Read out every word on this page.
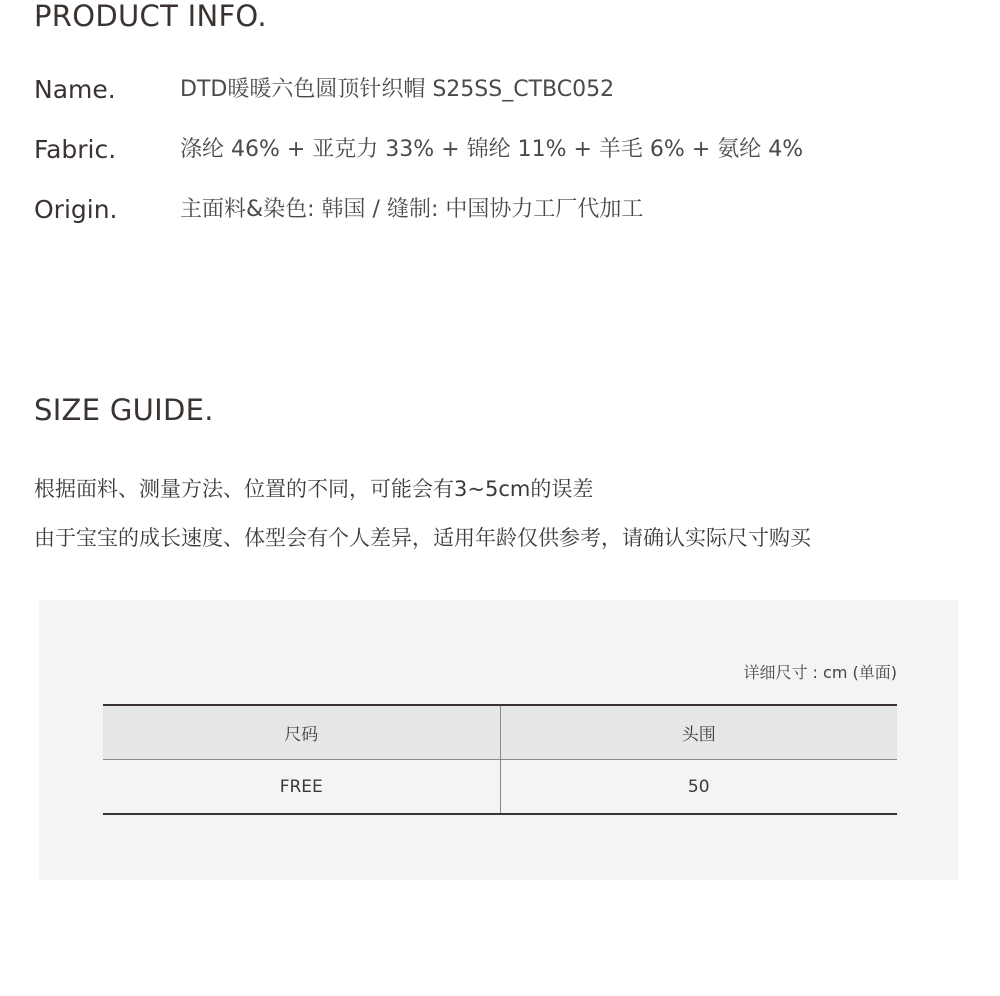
PRODUCT INFO.
Name.	DTD暖暖六色圆顶针织帽 S25SS_CTBC052
Fabric.	涤纶 46% + 亚克力 33% + 锦纶 11% + 羊毛 6% + 氨纶 4%
Origin.	主面料&染色: 韩国 / 缝制: 中国协力工厂代加工
SIZE GUIDE.

根据面料、测量方法、位置的不同，可能会有3~5cm的误差

由于宝宝的成长速度、体型会有个人差异，适用年龄仅供参考，请确认实际尺寸购买

详细尺寸 : cm (单面)
尺码	头围
FREE	50
